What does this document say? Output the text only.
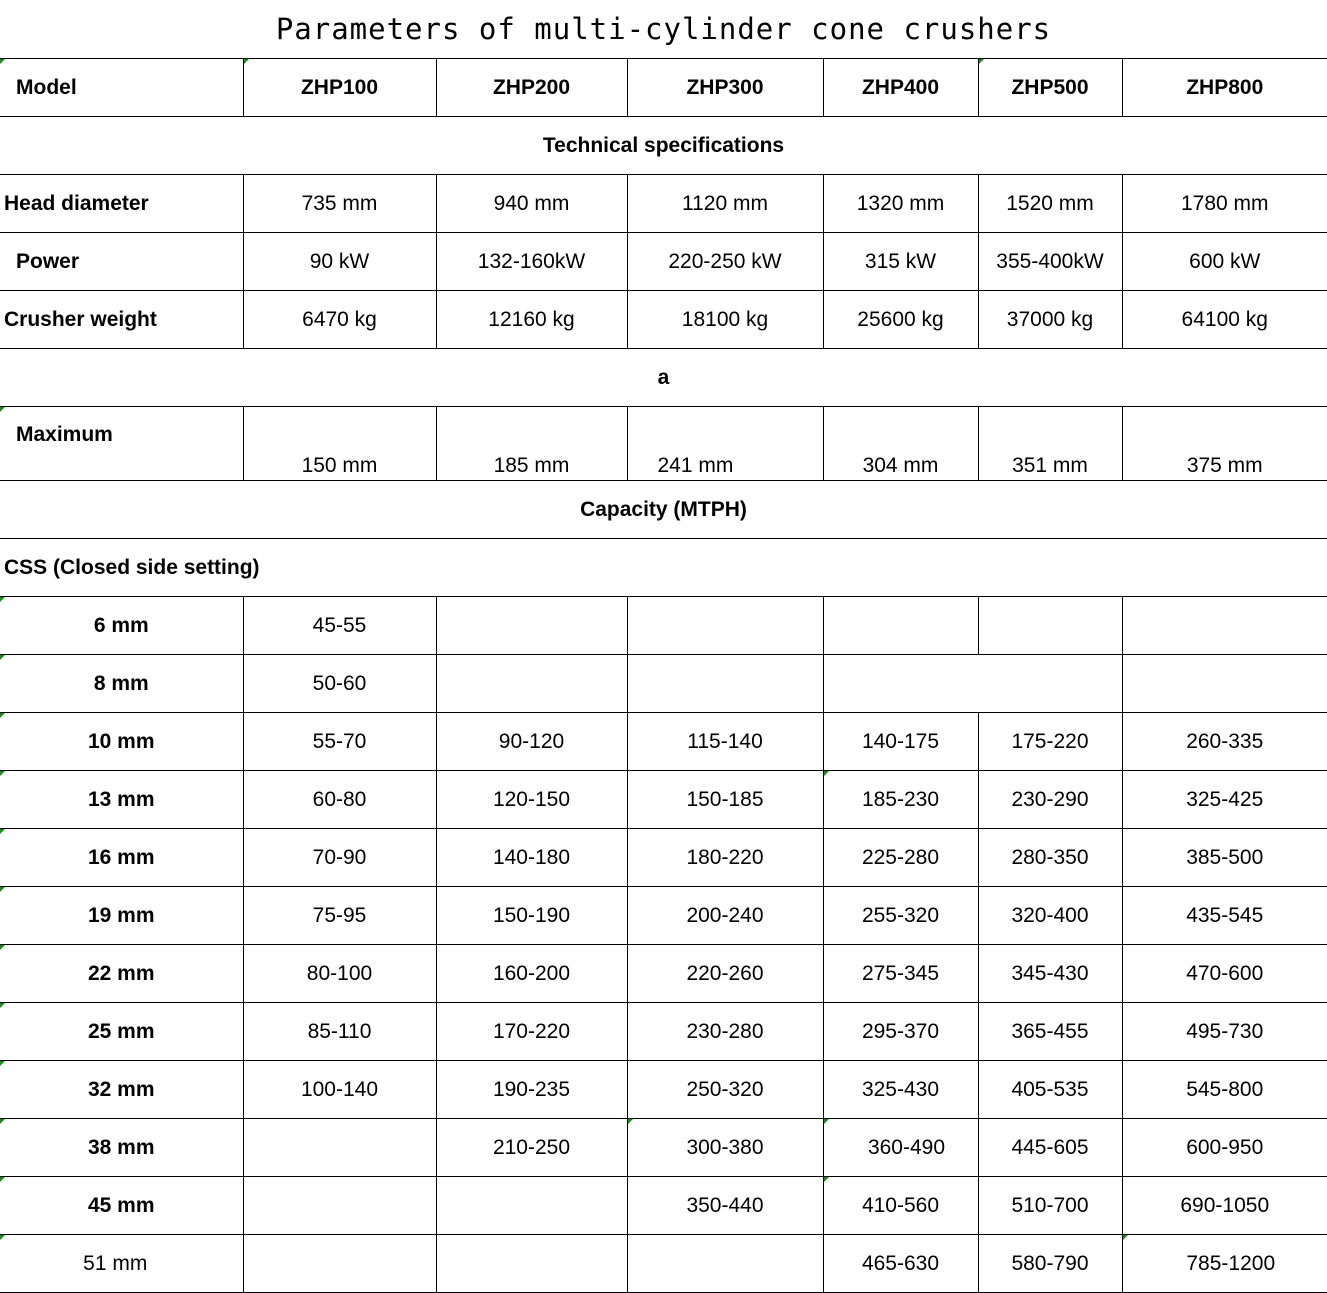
Parameters of multi-cylinder cone crushers
Model	ZHP100	ZHP200	ZHP300	ZHP400	ZHP500	ZHP800
Technical specifications						
Head diameter	735 mm	940 mm	1120 mm	1320 mm	1520 mm	1780 mm
Power	90 kW	132-160kW	220-250 kW	315 kW	355-400kW	600 kW
Crusher weight	6470 kg	12160 kg	18100 kg	25600 kg	37000 kg	64100 kg
a						
Maximum	150 mm	185 mm	241 mm	304 mm	351 mm	375 mm
Capacity (MTPH)						
CSS (Closed side setting)						
6 mm	45-55					
8 mm	50-60					
10 mm	55-70	90-120	115-140	140-175	175-220	260-335
13 mm	60-80	120-150	150-185	185-230	230-290	325-425
16 mm	70-90	140-180	180-220	225-280	280-350	385-500
19 mm	75-95	150-190	200-240	255-320	320-400	435-545
22 mm	80-100	160-200	220-260	275-345	345-430	470-600
25 mm	85-110	170-220	230-280	295-370	365-455	495-730
32 mm	100-140	190-235	250-320	325-430	405-535	545-800
38 mm		210-250	300-380	360-490	445-605	600-950
45 mm			350-440	410-560	510-700	690-1050
51 mm				465-630	580-790	785-1200
